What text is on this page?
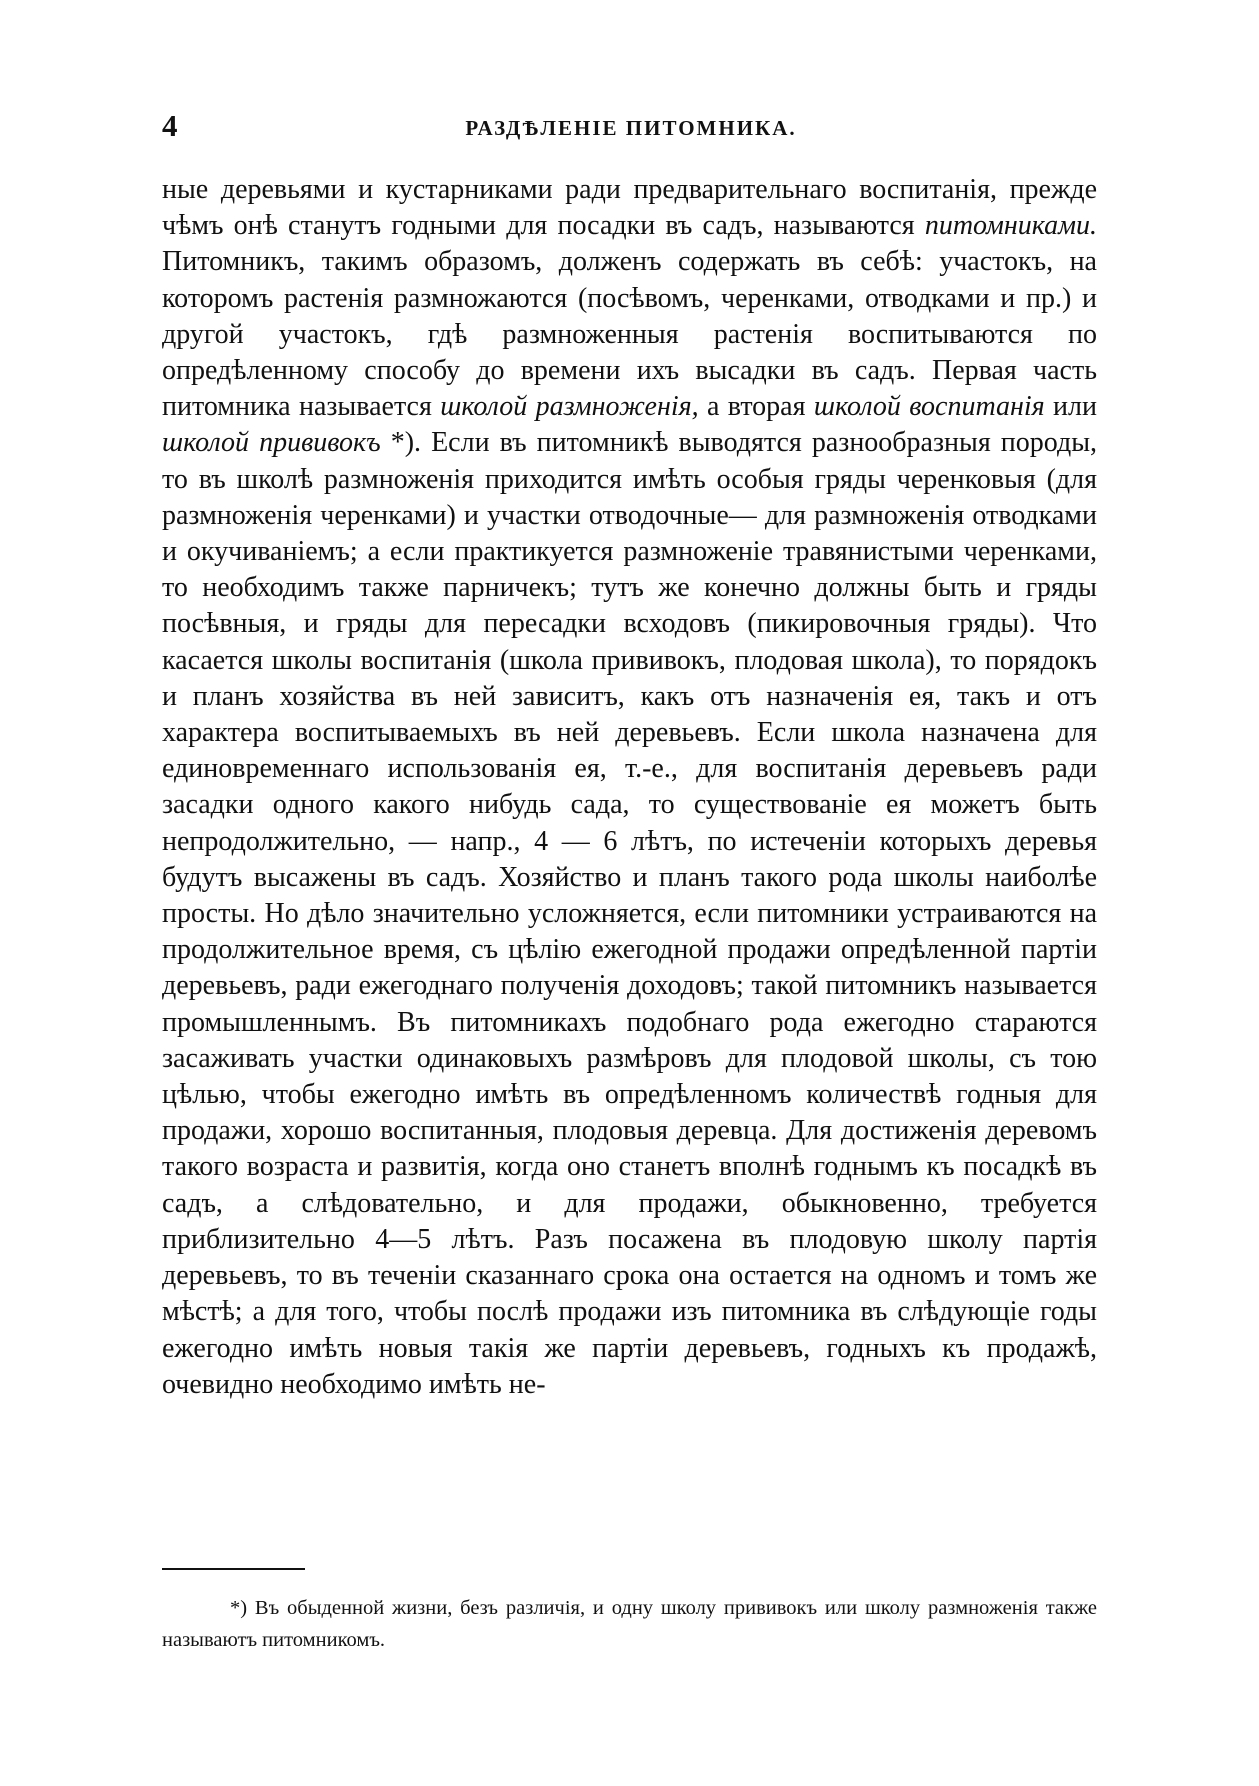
4	РАЗДѢЛЕНІЕ ПИТОМНИКА.

ные деревьями и кустарниками ради предварительнаго воспитанія, прежде чѣмъ онѣ станутъ годными для посадки въ садъ, называются питомниками. Питомникъ, такимъ образомъ, долженъ содержать въ себѣ: участокъ, на которомъ растенія размножаются (посѣвомъ, черенками, отводками и пр.) и другой участокъ, гдѣ размноженныя растенія воспитываются по опредѣленному способу до времени ихъ высадки въ садъ. Первая часть питомника называется школой размноженія, а вторая школой воспитанія или школой прививокъ *). Если въ питомникѣ выводятся разнообразныя породы, то въ школѣ размноженія приходится имѣть особыя гряды черенковыя (для размноженія черенками) и участки отводочные— для размноженія отводками и окучиваніемъ; а если практикуется размноженіе травянистыми черенками, то необходимъ также парничекъ; тутъ же конечно должны быть и гряды посѣвныя, и гряды для пересадки всходовъ (пикировочныя гряды). Что касается школы воспитанія (школа прививокъ, плодовая школа), то порядокъ и планъ хозяйства въ ней зависитъ, какъ отъ назначенія ея, такъ и отъ характера воспитываемыхъ въ ней деревьевъ. Если школа назначена для единовременнаго использованія ея, т.-е., для воспитанія деревьевъ ради засадки одного какого нибудь сада, то существованіе ея можетъ быть непродолжительно, — напр., 4 — 6 лѣтъ, по истеченіи которыхъ деревья будутъ высажены въ садъ. Хозяйство и планъ такого рода школы наиболѣе просты. Но дѣло значительно усложняется, если питомники устраиваются на продолжительное время, съ цѣлію ежегодной продажи опредѣленной партіи деревьевъ, ради ежегоднаго полученія доходовъ; такой питомникъ называется промышленнымъ. Въ питомникахъ подобнаго рода ежегодно стараются засаживать участки одинаковыхъ размѣровъ для плодовой школы, съ тою цѣлью, чтобы ежегодно имѣть въ опредѣленномъ количествѣ годныя для продажи, хорошо воспитанныя, плодовыя деревца. Для достиженія деревомъ такого возраста и развитія, когда оно станетъ вполнѣ годнымъ къ посадкѣ въ садъ, а слѣдовательно, и для продажи, обыкновенно, требуется приблизительно 4—5 лѣтъ. Разъ посажена въ плодовую школу партія деревьевъ, то въ теченіи сказаннаго срока она остается на одномъ и томъ же мѣстѣ; а для того, чтобы послѣ продажи изъ питомника въ слѣдующіе годы ежегодно имѣть новыя такія же партіи деревьевъ, годныхъ къ продажѣ, очевидно необходимо имѣть не-

*) Въ обыденной жизни, безъ различія, и одну школу прививокъ или школу размноженія также называютъ питомникомъ.
